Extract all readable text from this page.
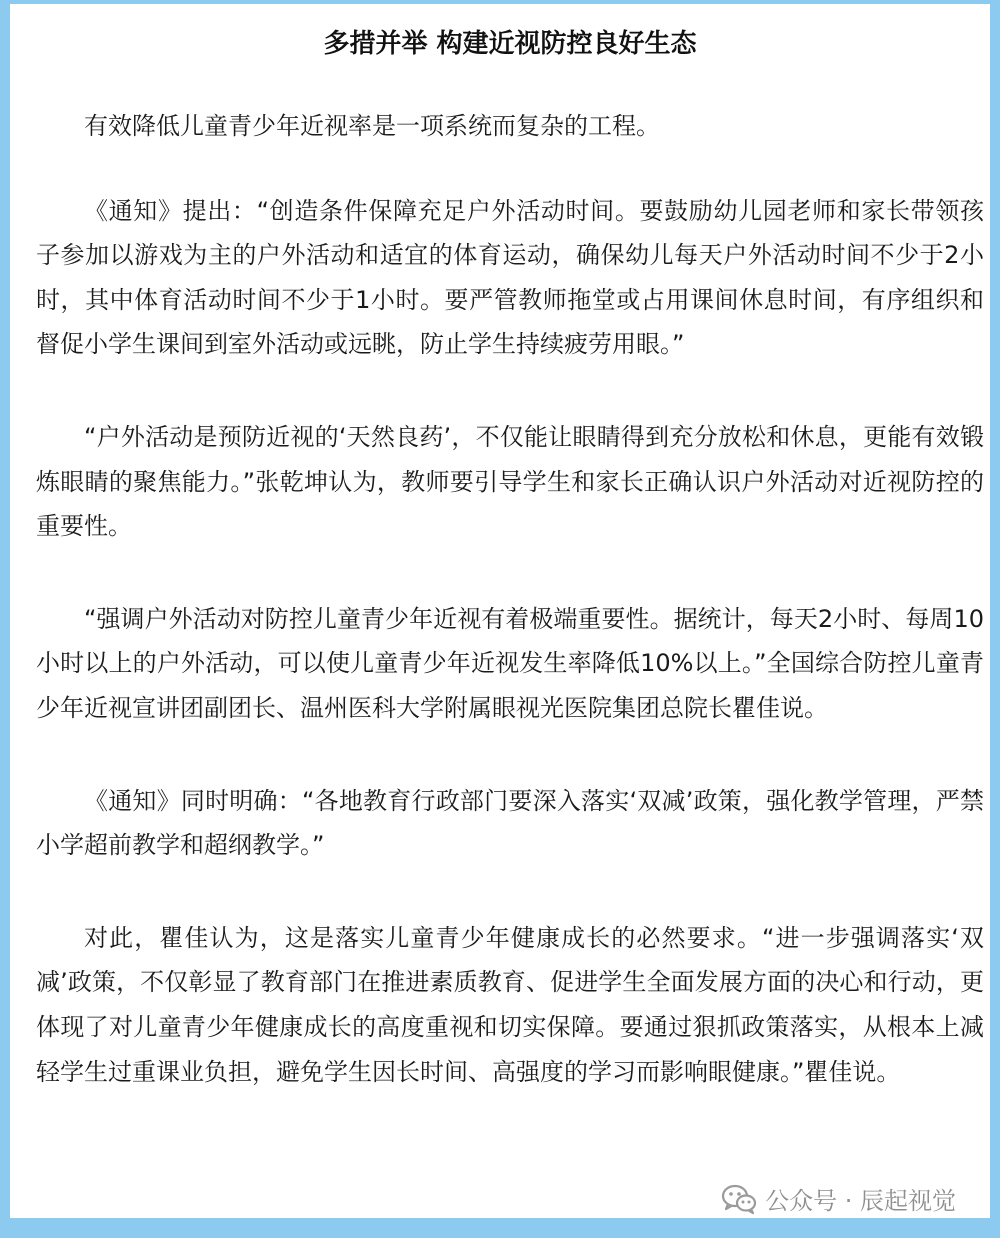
多措并举 构建近视防控良好生态

有效降低儿童青少年近视率是一项系统而复杂的工程。

《通知》提出：“创造条件保障充足户外活动时间。要鼓励幼儿园老师和家长带领孩子参加以游戏为主的户外活动和适宜的体育运动，确保幼儿每天户外活动时间不少于2小时，其中体育活动时间不少于1小时。要严管教师拖堂或占用课间休息时间，有序组织和督促小学生课间到室外活动或远眺，防止学生持续疲劳用眼。”

“户外活动是预防近视的‘天然良药’，不仅能让眼睛得到充分放松和休息，更能有效锻炼眼睛的聚焦能力。”张乾坤认为，教师要引导学生和家长正确认识户外活动对近视防控的重要性。

“强调户外活动对防控儿童青少年近视有着极端重要性。据统计，每天2小时、每周10小时以上的户外活动，可以使儿童青少年近视发生率降低10%以上。”全国综合防控儿童青少年近视宣讲团副团长、温州医科大学附属眼视光医院集团总院长瞿佳说。

《通知》同时明确：“各地教育行政部门要深入落实‘双减’政策，强化教学管理，严禁小学超前教学和超纲教学。”

对此，瞿佳认为，这是落实儿童青少年健康成长的必然要求。“进一步强调落实‘双减’政策，不仅彰显了教育部门在推进素质教育、促进学生全面发展方面的决心和行动，更体现了对儿童青少年健康成长的高度重视和切实保障。要通过狠抓政策落实，从根本上减轻学生过重课业负担，避免学生因长时间、高强度的学习而影响眼健康。”瞿佳说。

公众号 · 辰起视觉
